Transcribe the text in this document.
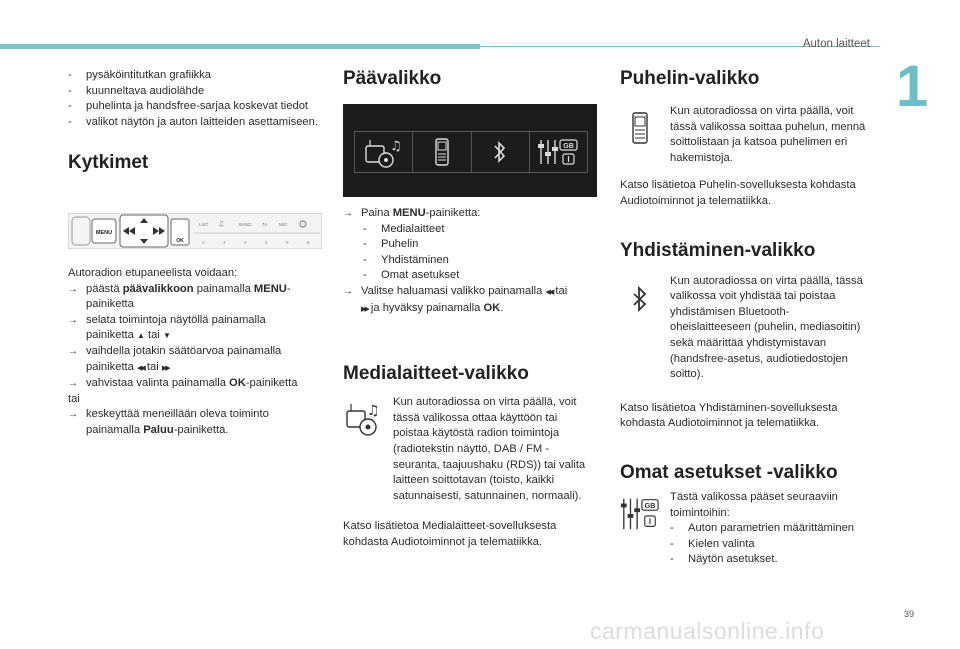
Auton laitteet
1
39
carmanualsonline.info
- pysäköintitutkan grafiikka
- kuunneltava audiolähde
- puhelinta ja handsfree-sarjaa koskevat tiedot
- valikot näytön ja auton laitteiden asettamiseen.
Kytkimet
MENU
OK
LIST ♫	BAND TA	MIC
1	2	3	4	5	6

Autoradion etupaneelista voidaan:

→ päästä päävalikkoon painamalla MENU-painiketta
→ selata toimintoja näytöllä painamalla
painiketta ▲ tai ▼
→ vaihdella jotakin säätöarvoa painamalla
painiketta ◀◀ tai ▶▶
→ vahvistaa valinta painamalla OK-painiketta

tai

→ keskeyttää meneillään oleva toiminto
painamalla Paluu-painiketta.
Päävalikko
♫	GB
→ Paina MENU-painiketta:
- Medialaitteet
- Puhelin
- Yhdistäminen
- Omat asetukset
→ Valitse haluamasi valikko painamalla ◀◀ tai
▶▶ ja hyväksy painamalla OK.
Medialaitteet-valikko
♫

Kun autoradiossa on virta päällä, voit tässä valikossa ottaa käyttöön tai poistaa käytöstä radion toimintoja (radiotekstin näyttö, DAB / FM -seuranta, taajuushaku (RDS)) tai valita laitteen soittotavan (toisto, kaikki satunnaisesti, satunnainen, normaali).

Katso lisätietoa Medialaitteet-sovelluksesta kohdasta Audiotoiminnot ja telematiikka.

Puhelin-valikko

Kun autoradiossa on virta päällä, voit tässä valikossa soittaa puhelun, mennä soittolistaan ja katsoa puhelimen eri hakemistoja.

Katso lisätietoa Puhelin-sovelluksesta kohdasta Audiotoiminnot ja telematiikka.

Yhdistäminen-valikko

Kun autoradiossa on virta päällä, tässä valikossa voit yhdistää tai poistaa yhdistämisen Bluetooth-oheislaitteeseen (puhelin, mediasoitin) sekä määrittää yhdistymistavan (handsfree-asetus, audiotiedostojen soitto).

Katso lisätietoa Yhdistäminen-sovelluksesta kohdasta Audiotoiminnot ja telematiikka.

Omat asetukset -valikko
GB

Tästä valikossa pääset seuraaviin toimintoihin:

- Auton parametrien määrittäminen
- Kielen valinta
- Näytön asetukset.
